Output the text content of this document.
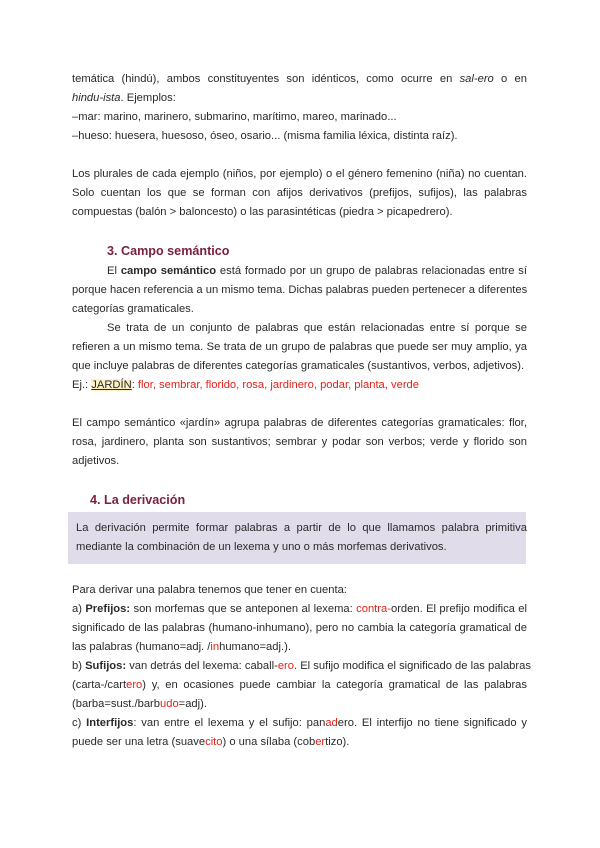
temática (hindú), ambos constituyentes son idénticos, como ocurre en sal-ero o en
hindu-ista. Ejemplos:
–mar: marino, marinero, submarino, marítimo, mareo, marinado...
–hueso: huesera, huesoso, óseo, osario... (misma familia léxica, distinta raíz).
Los plurales de cada ejemplo (niños, por ejemplo) o el género femenino (niña) no cuentan.
Solo cuentan los que se forman con afijos derivativos (prefijos, sufijos), las palabras
compuestas (balón > baloncesto) o las parasintéticas (piedra > picapedrero).
3. Campo semántico
El campo semántico está formado por un grupo de palabras relacionadas entre sí
porque hacen referencia a un mismo tema. Dichas palabras pueden pertenecer a diferentes
categorías gramaticales.
Se trata de un conjunto de palabras que están relacionadas entre sí porque se
refieren a un mismo tema. Se trata de un grupo de palabras que puede ser muy amplio, ya
que incluye palabras de diferentes categorías gramaticales (sustantivos, verbos, adjetivos).
Ej.: JARDÍN: flor, sembrar, florido, rosa, jardinero, podar, planta, verde
El campo semántico «jardín» agrupa palabras de diferentes categorías gramaticales: flor,
rosa, jardinero, planta son sustantivos; sembrar y podar son verbos; verde y florido son
adjetivos.
4. La derivación
La derivación permite formar palabras a partir de lo que llamamos palabra primitiva
mediante la combinación de un lexema y uno o más morfemas derivativos.
Para derivar una palabra tenemos que tener en cuenta:
a) Prefijos: son morfemas que se anteponen al lexema: contra-orden. El prefijo modifica el
significado de las palabras (humano-inhumano), pero no cambia la categoría gramatical de
las palabras (humano=adj. /inhumano=adj.).
b) Sufijos: van detrás del lexema: caball-ero. El sufijo modifica el significado de las palabras
(carta-/cartero) y, en ocasiones puede cambiar la categoría gramatical de las palabras
(barba=sust./barbudo=adj).
c) Interfijos: van entre el lexema y el sufijo: panadero. El interfijo no tiene significado y
puede ser una letra (suavecito) o una sílaba (cobertizo).
